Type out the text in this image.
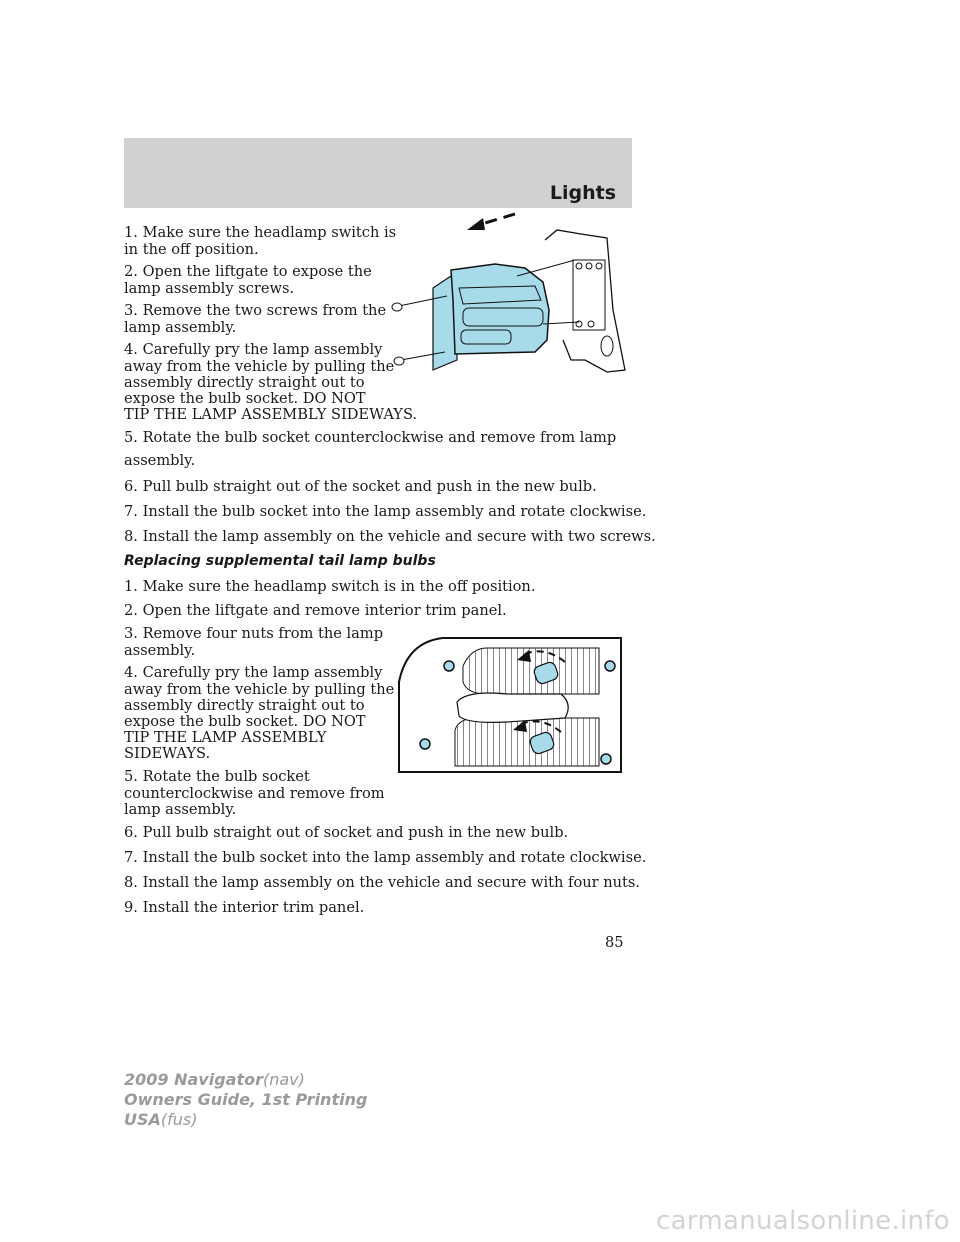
Lights

1. Make sure the headlamp switch is

in the off position.

2. Open the liftgate to expose the

lamp assembly screws.

3. Remove the two screws from the

lamp assembly.

4. Carefully pry the lamp assembly

away from the vehicle by pulling the

assembly directly straight out to

expose the bulb socket. DO NOT

TIP THE LAMP ASSEMBLY SIDEWAYS.

5. Rotate the bulb socket counterclockwise and remove from lamp

assembly.

6. Pull bulb straight out of the socket and push in the new bulb.

7. Install the bulb socket into the lamp assembly and rotate clockwise.

8. Install the lamp assembly on the vehicle and secure with two screws.

Replacing supplemental tail lamp bulbs

1. Make sure the headlamp switch is in the off position.

2. Open the liftgate and remove interior trim panel.

3. Remove four nuts from the lamp

assembly.

4. Carefully pry the lamp assembly

away from the vehicle by pulling the

assembly directly straight out to

expose the bulb socket. DO NOT

TIP THE LAMP ASSEMBLY

SIDEWAYS.

5. Rotate the bulb socket

counterclockwise and remove from

lamp assembly.

6. Pull bulb straight out of socket and push in the new bulb.

7. Install the bulb socket into the lamp assembly and rotate clockwise.

8. Install the lamp assembly on the vehicle and secure with four nuts.

9. Install the interior trim panel.

85
2009 Navigator(nav)
Owners Guide, 1st Printing
USA(fus)
carmanualsonline.info
